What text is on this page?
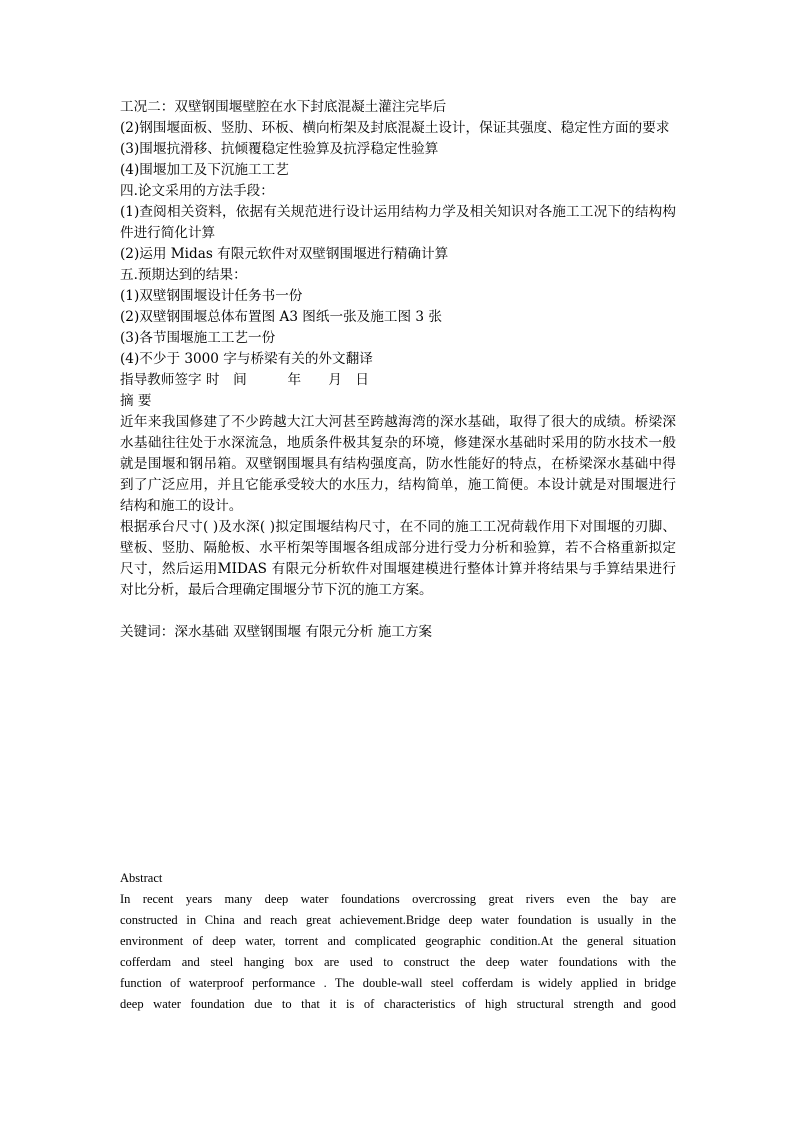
工况二：双壁钢围堰壁腔在水下封底混凝土灌注完毕后

(2)钢围堰面板、竖肋、环板、横向桁架及封底混凝土设计，保证其强度、稳定性方面的要求

(3)围堰抗滑移、抗倾覆稳定性验算及抗浮稳定性验算

(4)围堰加工及下沉施工工艺

四.论文采用的方法手段：

(1)查阅相关资料，依据有关规范进行设计运用结构力学及相关知识对各施工工况下的结构构件进行简化计算

(2)运用 Midas 有限元软件对双壁钢围堰进行精确计算

五.预期达到的结果：

(1)双壁钢围堰设计任务书一份

(2)双壁钢围堰总体布置图 A3 图纸一张及施工图 3 张

(3)各节围堰施工工艺一份

(4)不少于 3000 字与桥梁有关的外文翻译

指导教师签字 时　间　　　年　　月　日

摘 要

近年来我国修建了不少跨越大江大河甚至跨越海湾的深水基础，取得了很大的成绩。桥梁深水基础往往处于水深流急，地质条件极其复杂的环境，修建深水基础时采用的防水技术一般就是围堰和钢吊箱。双壁钢围堰具有结构强度高，防水性能好的特点，在桥梁深水基础中得到了广泛应用，并且它能承受较大的水压力，结构简单，施工简便。本设计就是对围堰进行结构和施工的设计。

根据承台尺寸( )及水深( )拟定围堰结构尺寸，在不同的施工工况荷载作用下对围堰的刃脚、壁板、竖肋、隔舱板、水平桁架等围堰各组成部分进行受力分析和验算，若不合格重新拟定尺寸，然后运用MIDAS 有限元分析软件对围堰建模进行整体计算并将结果与手算结果进行对比分析，最后合理确定围堰分节下沉的施工方案。

关键词：深水基础 双壁钢围堰 有限元分析 施工方案

Abstract

In recent years many deep water foundations overcrossing great rivers even the bay are

constructed in China and reach great achievement.Bridge deep water foundation is usually in the

environment of deep water, torrent and complicated geographic condition.At the general situation

cofferdam and steel hanging box are used to construct the deep water foundations with the

function of waterproof performance . The double-wall steel cofferdam is widely applied in bridge

deep water foundation due to that it is of characteristics of high structural strength and good
